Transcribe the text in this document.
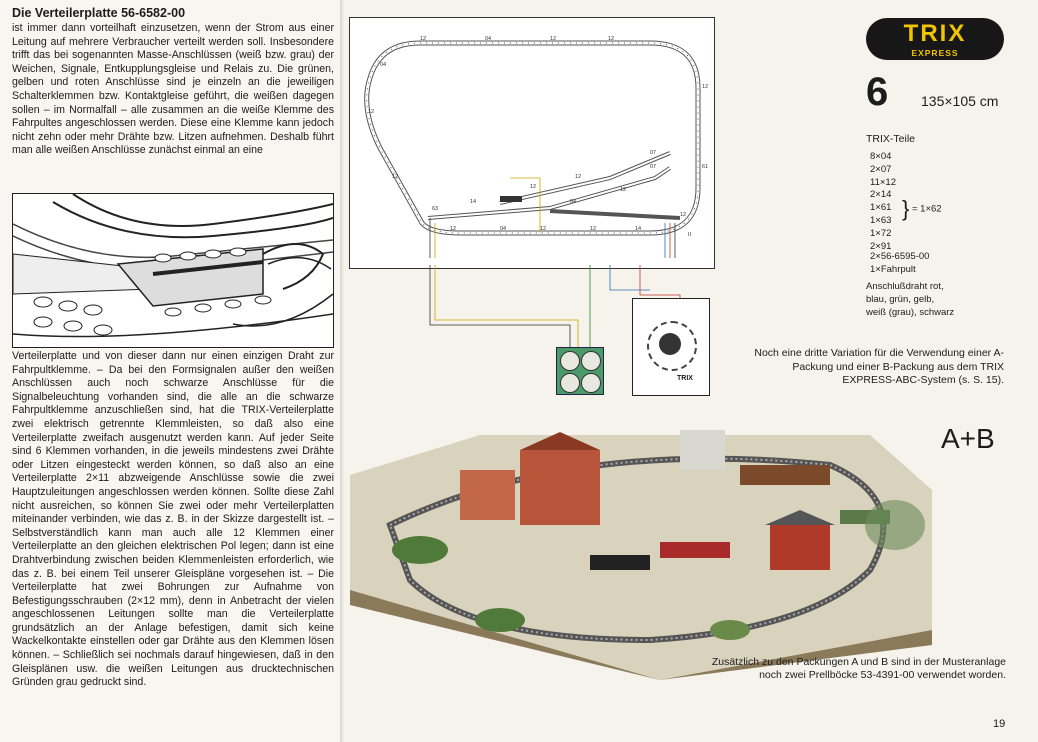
Die Verteilerplatte 56-6582-00
ist immer dann vorteilhaft einzusetzen, wenn der Strom aus einer Leitung auf mehrere Verbraucher verteilt werden soll. Insbesondere trifft das bei sogenannten Masse-Anschlüssen (weiß bzw. grau) der Weichen, Signale, Entkupplungsgleise und Relais zu. Die grünen, gelben und roten Anschlüsse sind je einzeln an die jeweiligen Schalterklemmen bzw. Kontaktgleise geführt, die weißen dagegen sollen – im Normalfall – alle zusammen an die weiße Klemme des Fahrpultes angeschlossen werden. Diese eine Klemme kann jedoch nicht zehn oder mehr Drähte bzw. Litzen aufnehmen. Deshalb führt man alle weißen Anschlüsse zunächst einmal an eine
Verteilerplatte und von dieser dann nur einen einzigen Draht zur Fahrpultklemme. – Da bei den Formsignalen außer den weißen Anschlüssen auch noch schwarze Anschlüsse für die Signalbeleuchtung vorhanden sind, die alle an die schwarze Fahrpultklemme anzuschließen sind, hat die TRIX-Verteilerplatte zwei elektrisch getrennte Klemmleisten, so daß also eine Verteilerplatte zweifach ausgenutzt werden kann. Auf jeder Seite sind 6 Klemmen vorhanden, in die jeweils mindestens zwei Drähte oder Litzen eingesteckt werden können, so daß also an eine Verteilerplatte 2×11 abzweigende Anschlüsse sowie die zwei Hauptzuleitungen angeschlossen werden können. Sollte diese Zahl nicht ausreichen, so können Sie zwei oder mehr Verteilerplatten miteinander verbinden, wie das z. B. in der Skizze dargestellt ist. – Selbstverständlich kann man auch alle 12 Klemmen einer Verteilerplatte an den gleichen elektrischen Pol legen; dann ist eine Drahtverbindung zwischen beiden Klemmenleisten erforderlich, wie das z. B. bei einem Teil unserer Gleispläne vorgesehen ist. – Die Verteilerplatte hat zwei Bohrungen zur Aufnahme von Befestigungsschrauben (2×12 mm), denn in Anbetracht der vielen angeschlossenen Leitungen sollte man die Verteilerplatte grundsätzlich an der Anlage befestigen, damit sich keine Wackelkontakte einstellen oder gar Drähte aus den Klemmen lösen können. – Schließlich sei nochmals darauf hingewiesen, daß in den Gleisplänen usw. die weißen Leitungen aus drucktechnischen Gründen grau gedruckt sind.
12	04	12	12
04
12
12
61
12
14
12
12
04
12
04
12
12
12
14
63
07
12
07
II
TRIX
TRIX
EXPRESS
6 135×105 cm
TRIX-Teile
8×04
2×07
11×12
2×14
1×61
1×63
1×72
2×91
} = 1×62
2×56-6595-00
1×Fahrpult
Anschlußdraht rot,
blau, grün, gelb,
weiß (grau), schwarz
Noch eine dritte Variation für die Verwendung einer A-Packung und einer B-Packung aus dem TRIX EXPRESS-ABC-System (s. S. 15).
A+B
Zusätzlich zu den Packungen A und B sind in der Musteranlage noch zwei Prellböcke 53-4391-00 verwendet worden.
19
